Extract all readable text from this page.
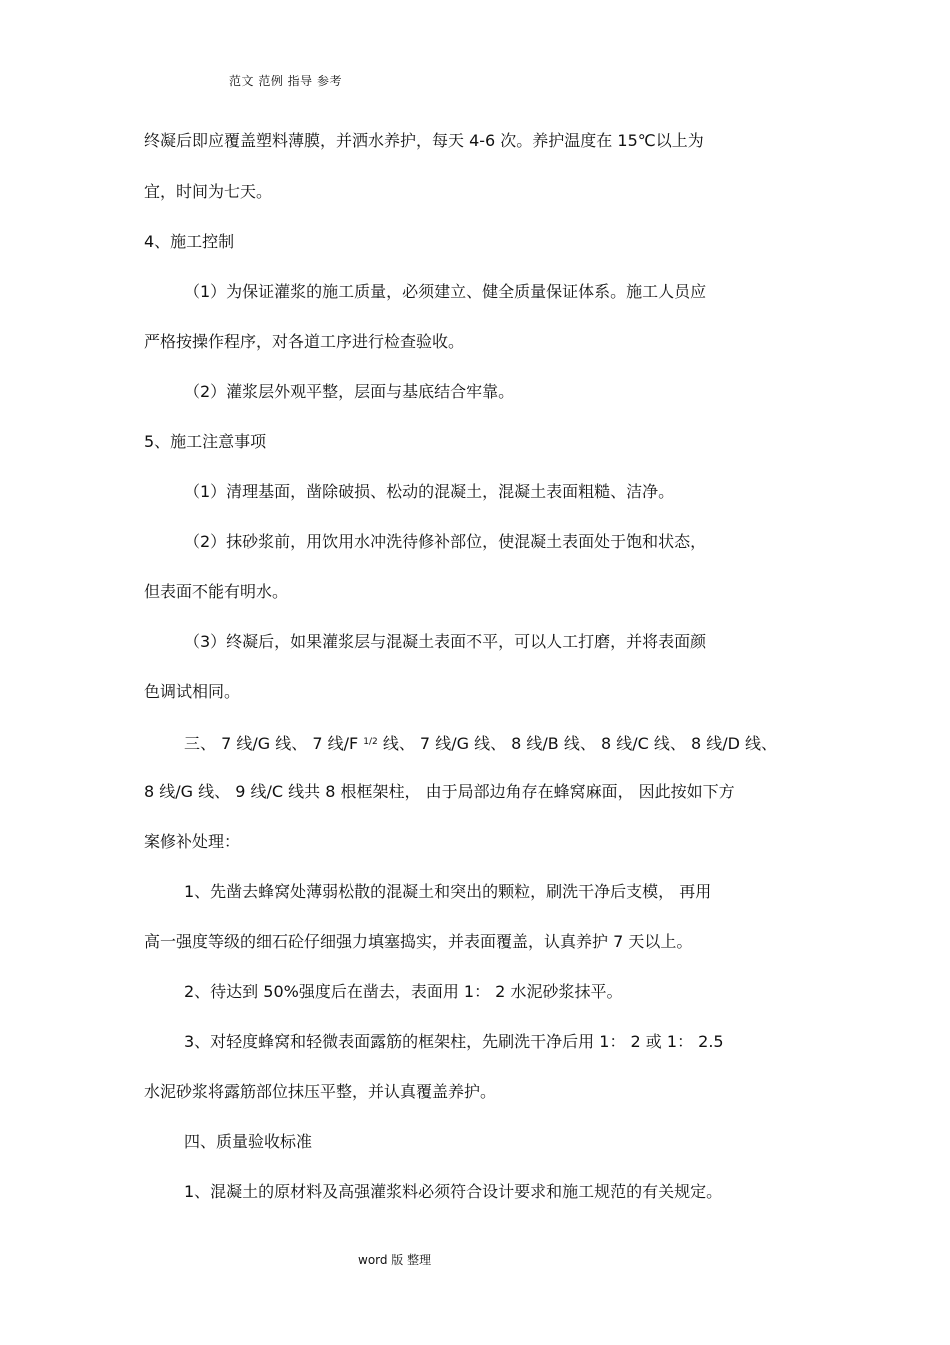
范文 范例 指导 参考
终凝后即应覆盖塑料薄膜，并洒水养护，每天 4-6 次。养护温度在 15℃以上为
宜，时间为七天。
4、施工控制
（1）为保证灌浆的施工质量，必须建立、健全质量保证体系。施工人员应
严格按操作程序，对各道工序进行检查验收。
（2）灌浆层外观平整，层面与基底结合牢靠。
5、施工注意事项
（1）清理基面，凿除破损、松动的混凝土，混凝土表面粗糙、洁净。
（2）抹砂浆前，用饮用水冲洗待修补部位，使混凝土表面处于饱和状态，
但表面不能有明水。
（3）终凝后，如果灌浆层与混凝土表面不平，可以人工打磨，并将表面颜
色调试相同。
三、 7 线/G 线、 7 线/F $^{1/2}$ 线、 7 线/G 线、 8 线/B 线、 8 线/C 线、 8 线/D 线、
8 线/G 线、 9 线/C 线共 8 根框架柱， 由于局部边角存在蜂窝麻面， 因此按如下方
案修补处理：
1、先凿去蜂窝处薄弱松散的混凝土和突出的颗粒，刷洗干净后支模， 再用
高一强度等级的细石砼仔细强力填塞捣实，并表面覆盖，认真养护 7 天以上。
2、待达到 50%强度后在凿去，表面用 1： 2 水泥砂浆抹平。
3、对轻度蜂窝和轻微表面露筋的框架柱，先刷洗干净后用 1： 2 或 1： 2.5
水泥砂浆将露筋部位抹压平整，并认真覆盖养护。
四、质量验收标准
1、混凝土的原材料及高强灌浆料必须符合设计要求和施工规范的有关规定。
word 版 整理
